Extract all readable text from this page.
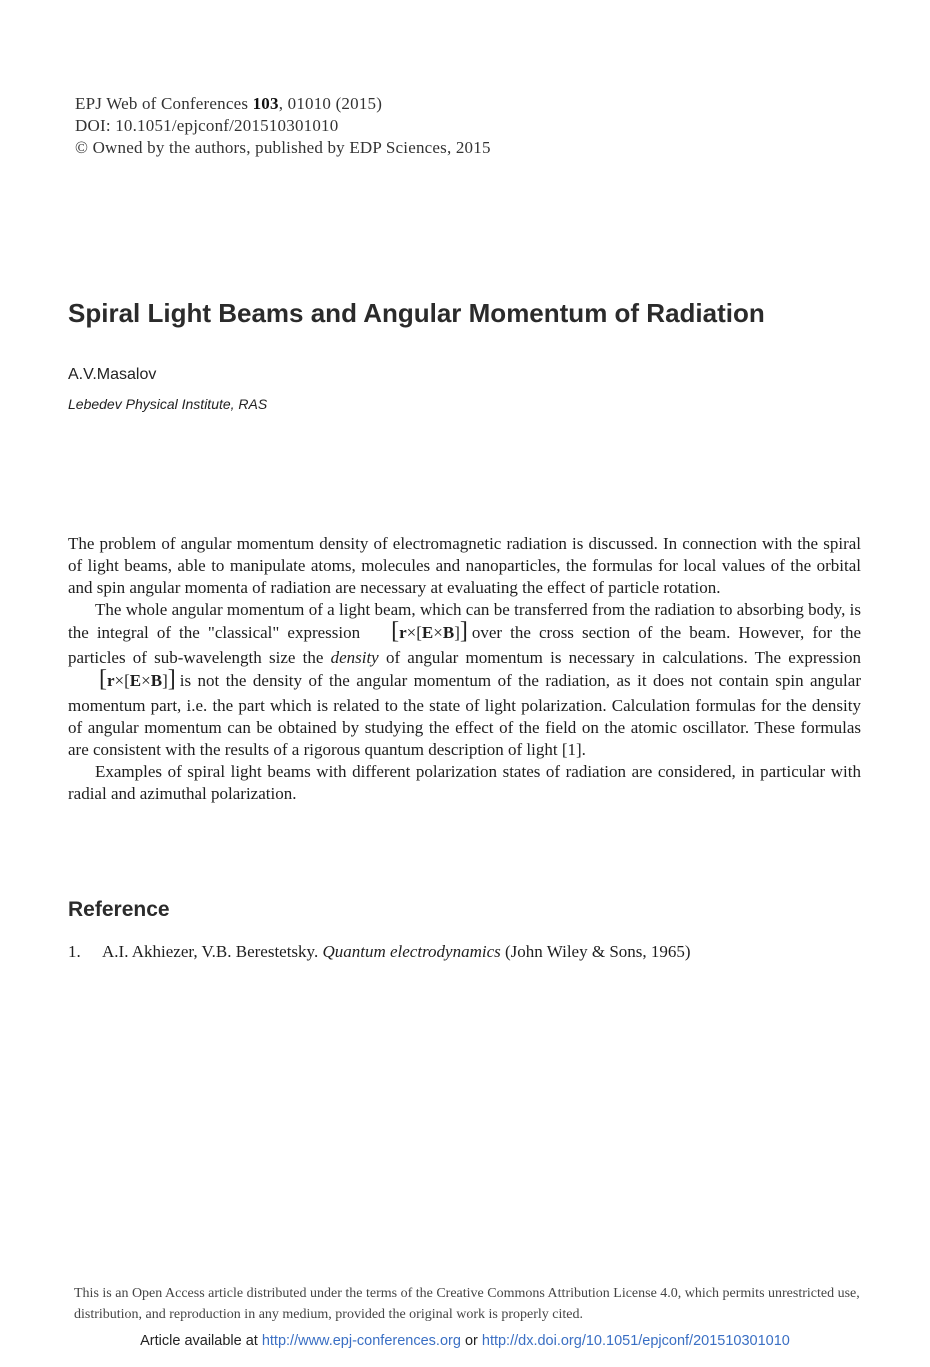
EPJ Web of Conferences 103, 01010 (2015)
DOI: 10.1051/epjconf/201510301010
© Owned by the authors, published by EDP Sciences, 2015
Spiral Light Beams and Angular Momentum of Radiation
A.V.Masalov
Lebedev Physical Institute, RAS

The problem of angular momentum density of electromagnetic radiation is discussed. In connection with the spiral of light beams, able to manipulate atoms, molecules and nanoparticles, the formulas for local values of the orbital and spin angular momenta of radiation are necessary at evaluating the effect of particle rotation.

The whole angular momentum of a light beam, which can be transferred from the radiation to absorbing body, is the integral of the "classical" expression [r×[E×B]] over the cross section of the beam. However, for the particles of sub-wavelength size the density of angular momentum is necessary in calculations. The expression[r×[E×B]] is not the density of the angular momentum of the radiation, as it does not contain spin angular momentum part, i.e. the part which is related to the state of light polarization. Calculation formulas for the density of angular momentum can be obtained by studying the effect of the field on the atomic oscillator. These formulas are consistent with the results of a rigorous quantum description of light [1].

Examples of spiral light beams with different polarization states of radiation are considered, in particular with radial and azimuthal polarization.

Reference
1. A.I. Akhiezer, V.B. Berestetsky. Quantum electrodynamics (John Wiley & Sons, 1965)
This is an Open Access article distributed under the terms of the Creative Commons Attribution License 4.0, which permits unrestricted use, distribution, and reproduction in any medium, provided the original work is properly cited.
Article available at http://www.epj-conferences.org or http://dx.doi.org/10.1051/epjconf/201510301010
